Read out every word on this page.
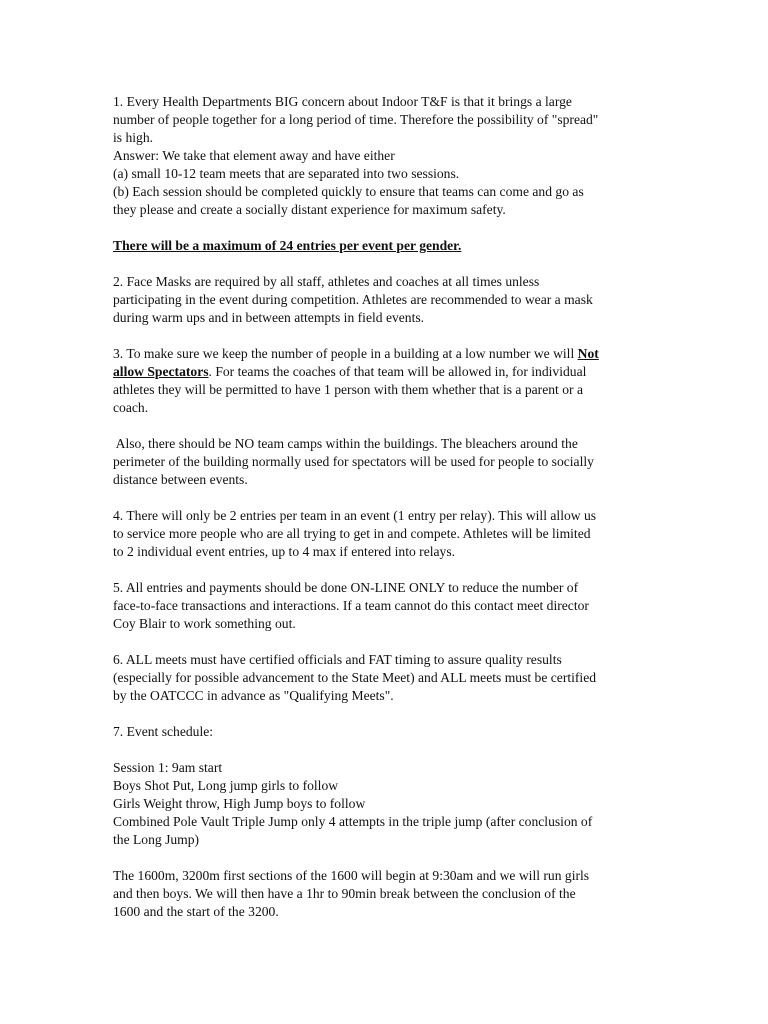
1. Every Health Departments BIG concern about Indoor T&F is that it brings a large
number of people together for a long period of time. Therefore the possibility of "spread"
is high.
Answer: We take that element away and have either
(a) small 10-12 team meets that are separated into two sessions.
(b) Each session should be completed quickly to ensure that teams can come and go as
they please and create a socially distant experience for maximum safety.
There will be a maximum of 24 entries per event per gender.
2. Face Masks are required by all staff, athletes and coaches at all times unless
participating in the event during competition. Athletes are recommended to wear a mask
during warm ups and in between attempts in field events.
3. To make sure we keep the number of people in a building at a low number we will Not
allow Spectators. For teams the coaches of that team will be allowed in, for individual
athletes they will be permitted to have 1 person with them whether that is a parent or a
coach.
Also, there should be NO team camps within the buildings. The bleachers around the
perimeter of the building normally used for spectators will be used for people to socially
distance between events.
4. There will only be 2 entries per team in an event (1 entry per relay). This will allow us
to service more people who are all trying to get in and compete. Athletes will be limited
to 2 individual event entries, up to 4 max if entered into relays.
5. All entries and payments should be done ON-LINE ONLY to reduce the number of
face-to-face transactions and interactions. If a team cannot do this contact meet director
Coy Blair to work something out.
6. ALL meets must have certified officials and FAT timing to assure quality results
(especially for possible advancement to the State Meet) and ALL meets must be certified
by the OATCCC in advance as "Qualifying Meets".
7. Event schedule:
Session 1: 9am start
Boys Shot Put, Long jump girls to follow
Girls Weight throw, High Jump boys to follow
Combined Pole Vault Triple Jump only 4 attempts in the triple jump (after conclusion of
the Long Jump)
The 1600m, 3200m first sections of the 1600 will begin at 9:30am and we will run girls
and then boys. We will then have a 1hr to 90min break between the conclusion of the
1600 and the start of the 3200.
